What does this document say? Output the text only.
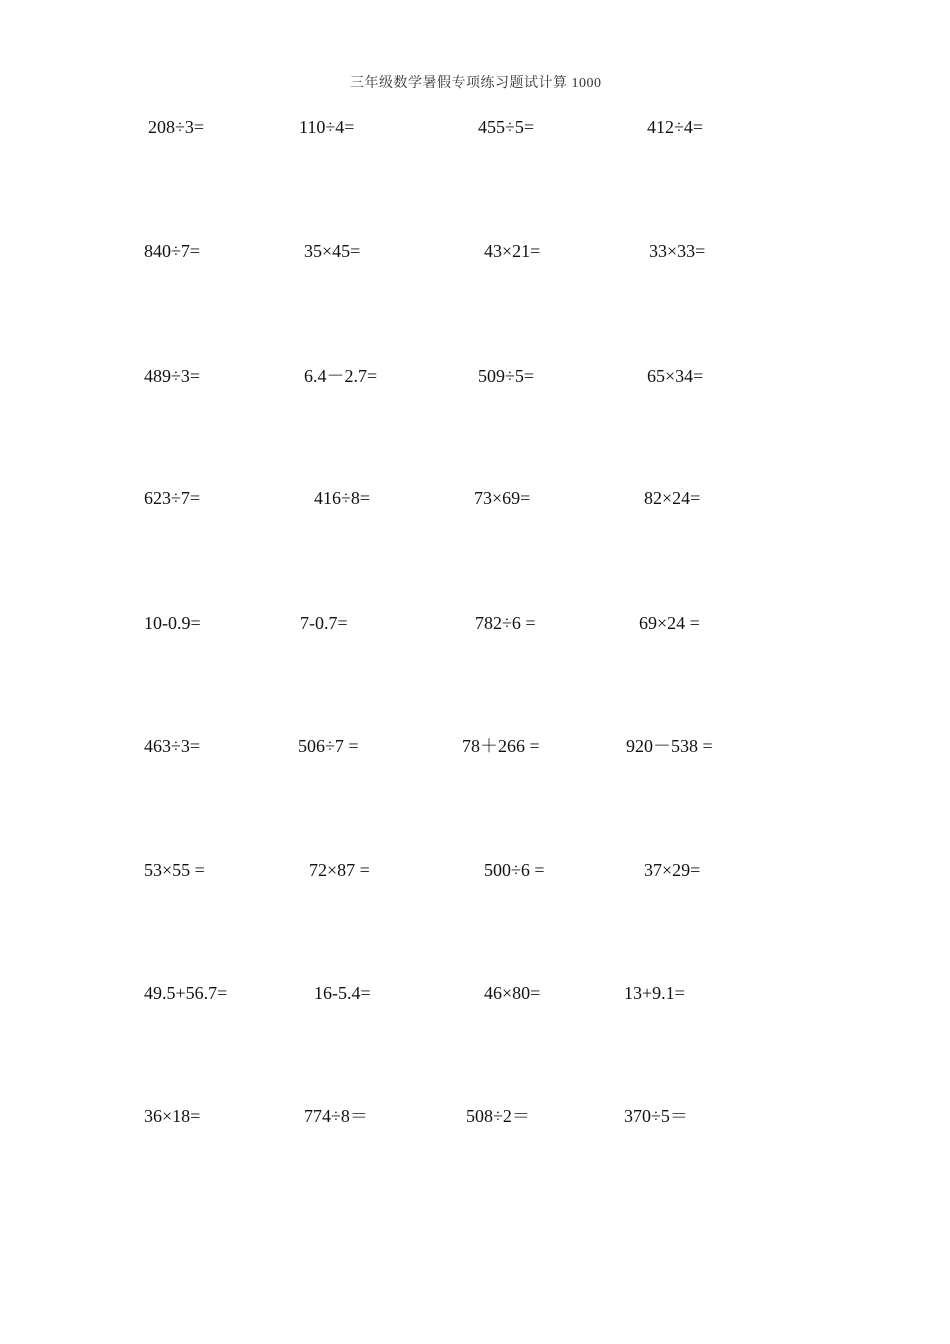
三年级数学暑假专项练习题试计算 1000
208÷3=	110÷4=	455÷5=	412÷4=
840÷7=	35×45=	43×21=	33×33=
489÷3=	6.4－2.7=	509÷5=	65×34=
623÷7=	416÷8=	73×69=	82×24=
10-0.9=	7-0.7=	782÷6 =	69×24 =
463÷3=	506÷7 =	78＋266 =	920－538 =
53×55 =	72×87 =	500÷6 =	37×29=
49.5+56.7=	16-5.4=	46×80=	13+9.1=
36×18=	774÷8＝	508÷2＝	370÷5＝
